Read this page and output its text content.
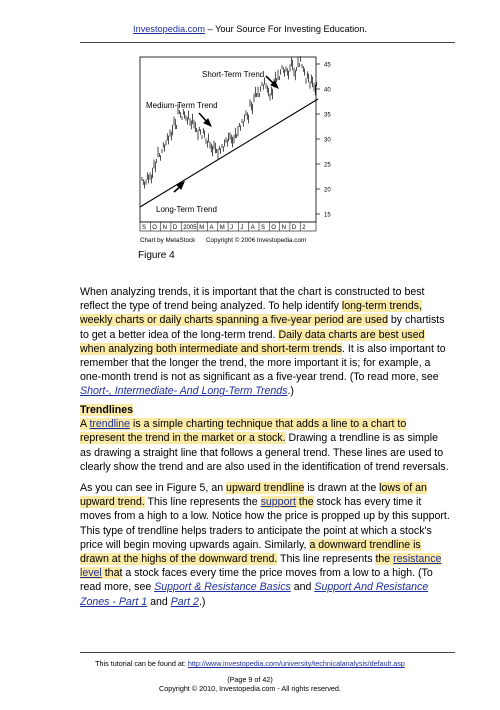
Investopedia.com – Your Source For Investing Education.
45
40
35
30
25
20
15
S O N D 2005 M A M J J A S O N D 2
Short-Term Trend
Medium-Term Trend
Long-Term Trend
Chart by MetaStock Copyright © 2006 Investopedia.com
Figure 4
When analyzing trends, it is important that the chart is constructed to best reflect the type of trend being analyzed. To help identify long-term trends, weekly charts or daily charts spanning a five-year period are used by chartists to get a better idea of the long-term trend. Daily data charts are best used when analyzing both intermediate and short-term trends. It is also important to remember that the longer the trend, the more important it is; for example, a one-month trend is not as significant as a five-year trend. (To read more, see Short-, Intermediate- And Long-Term Trends.)
Trendlines
A trendline is a simple charting technique that adds a line to a chart to represent the trend in the market or a stock. Drawing a trendline is as simple as drawing a straight line that follows a general trend. These lines are used to clearly show the trend and are also used in the identification of trend reversals.
As you can see in Figure 5, an upward trendline is drawn at the lows of an upward trend. This line represents the support the stock has every time it moves from a high to a low. Notice how the price is propped up by this support. This type of trendline helps traders to anticipate the point at which a stock's price will begin moving upwards again. Similarly, a downward trendline is drawn at the highs of the downward trend. This line represents the resistance level that a stock faces every time the price moves from a low to a high. (To read more, see Support & Resistance Basics and Support And Resistance Zones - Part 1 and Part 2.)
This tutorial can be found at: http://www.investopedia.com/university/technicalanalysis/default.asp
(Page 9 of 42)
Copyright © 2010, Investopedia.com - All rights reserved.
